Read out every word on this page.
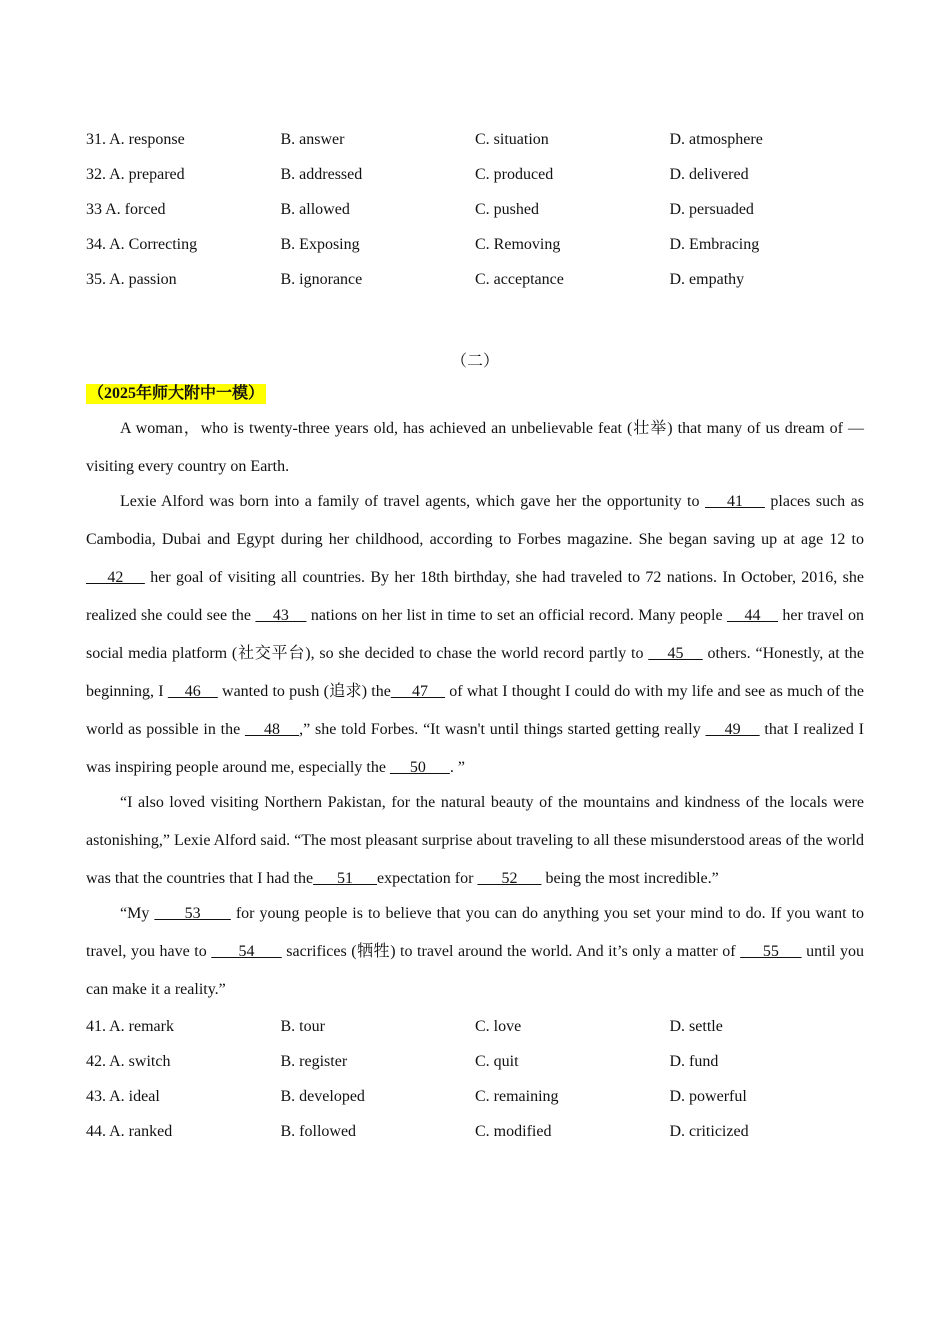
31. A. response	B. answer	C. situation	D. atmosphere
32. A. prepared	B. addressed	C. produced	D. delivered
33 A. forced	B. allowed	C. pushed	D. persuaded
34. A. Correcting	B. Exposing	C. Removing	D. Embracing
35. A. passion	B. ignorance	C. acceptance	D. empathy
（二）
（2025年师大附中一模）

A woman，who is twenty-three years old, has achieved an unbelievable feat (壮举) that many of us dream of — visiting every country on Earth.

Lexie Alford was born into a family of travel agents, which gave her the opportunity to     41     places such as Cambodia, Dubai and Egypt during her childhood, according to Forbes magazine. She began saving up at age 12 to     42     her goal of visiting all countries. By her 18th birthday, she had traveled to 72 nations. In October, 2016, she realized she could see the     43     nations on her list in time to set an official record. Many people     44     her travel on social media platform (社交平台), so she decided to chase the world record partly to     45     others. “Honestly, at the beginning, I     46     wanted to push (追求) the     47     of what I thought I could do with my life and see as much of the world as possible in the     48    ,” she told Forbes. “It wasn't until things started getting really     49     that I realized I was inspiring people around me, especially the      50      . ”

“I also loved visiting Northern Pakistan, for the natural beauty of the mountains and kindness of the locals were astonishing,” Lexie Alford said. “The most pleasant surprise about traveling to all these misunderstood areas of the world was that the countries that I had the      51      expectation for       52       being the most incredible.”

“My       53       for young people is to believe that you can do anything you set your mind to do. If you want to travel, you have to       54       sacrifices (牺牲) to travel around the world. And it’s only a matter of      55      until you can make it a reality.”

41. A. remark	B. tour	C. love	D. settle
42. A. switch	B. register	C. quit	D. fund
43. A. ideal	B. developed	C. remaining	D. powerful
44. A. ranked	B. followed	C. modified	D. criticized
